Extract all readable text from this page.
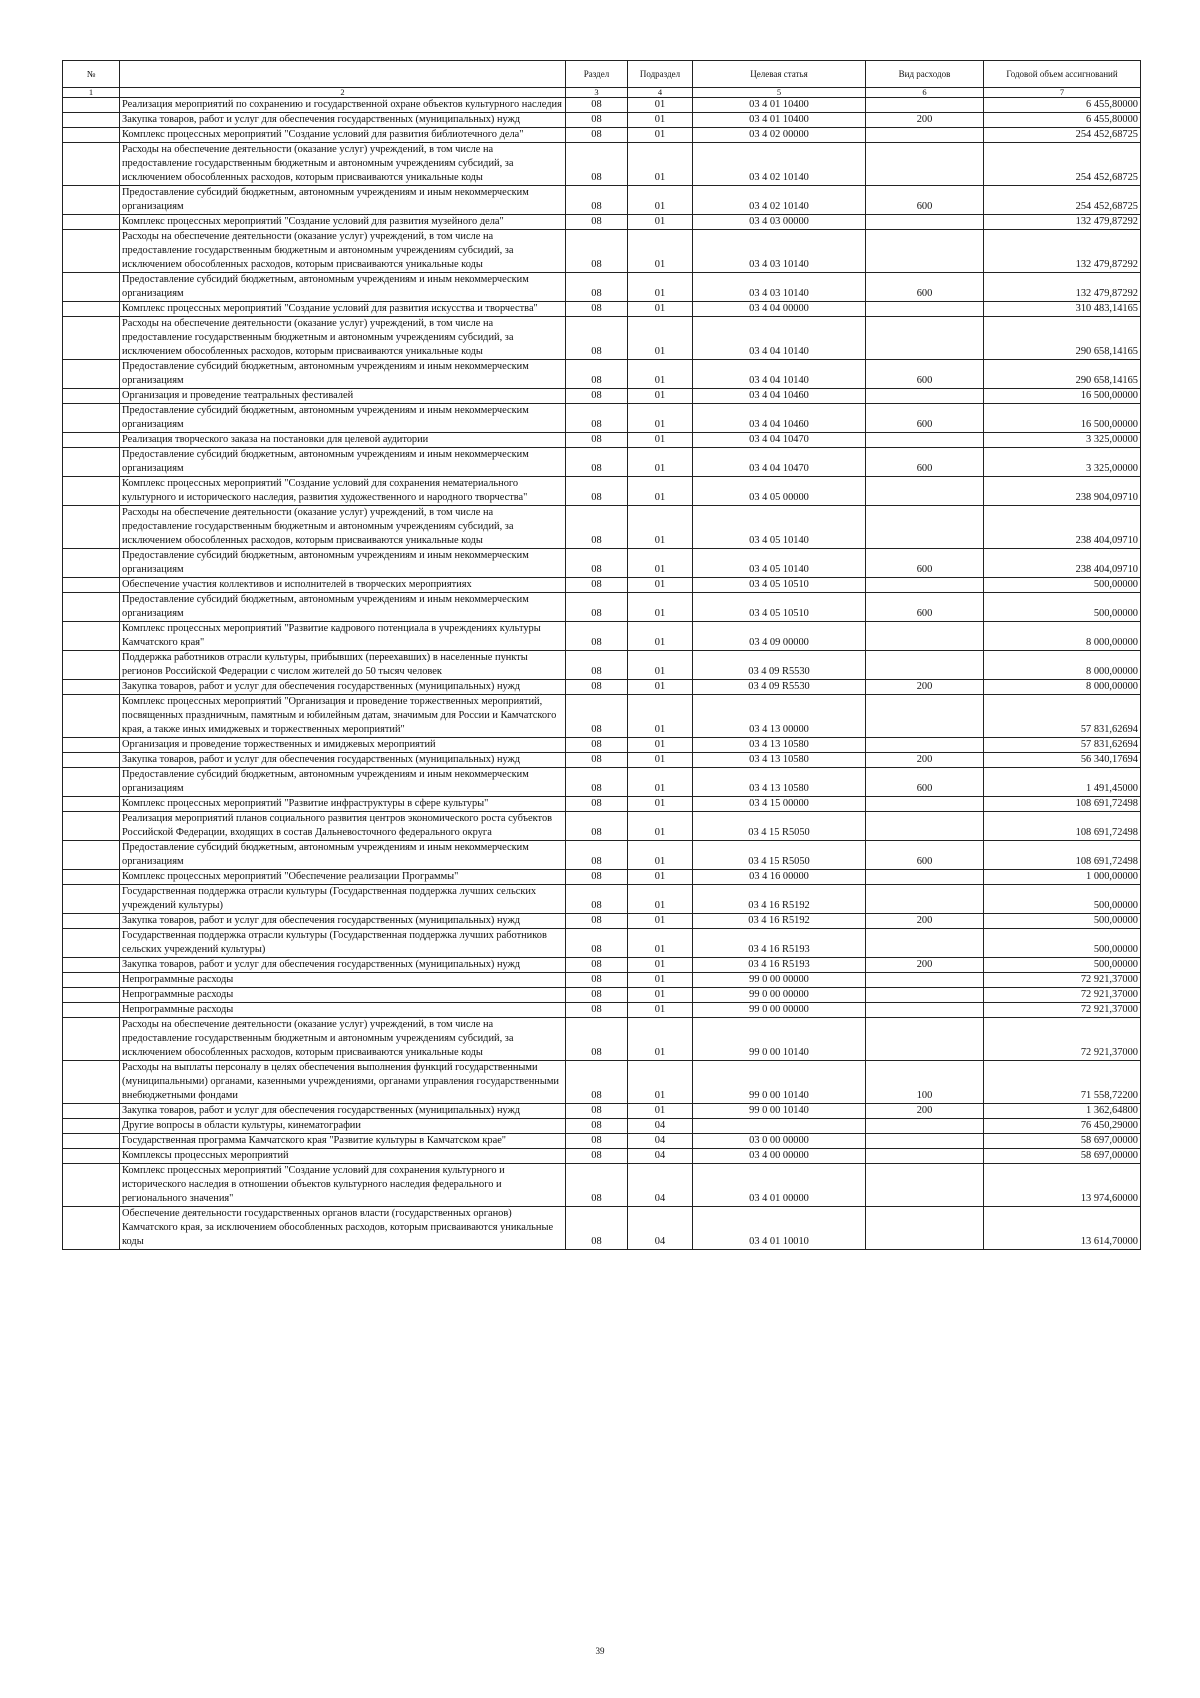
№		Раздел	Подраздел	Целевая статья	Вид расходов	Годовой объем ассигнований
1	2	3	4	5	6	7
	Реализация мероприятий по сохранению и государственной охране объектов культурного наследия	08	01	03 4 01 10400		6 455,80000
	Закупка товаров, работ и услуг для обеспечения государственных (муниципальных) нужд	08	01	03 4 01 10400	200	6 455,80000
	Комплекс процессных мероприятий "Создание условий для развития библиотечного дела"	08	01	03 4 02 00000		254 452,68725
	Расходы на обеспечение деятельности (оказание услуг) учреждений, в том числе на предоставление государственным бюджетным и автономным учреждениям субсидий, за исключением обособленных расходов, которым присваиваются уникальные коды	08	01	03 4 02 10140		254 452,68725
	Предоставление субсидий бюджетным, автономным учреждениям и иным некоммерческим организациям	08	01	03 4 02 10140	600	254 452,68725
	Комплекс процессных мероприятий "Создание условий для развития музейного дела"	08	01	03 4 03 00000		132 479,87292
	Расходы на обеспечение деятельности (оказание услуг) учреждений, в том числе на предоставление государственным бюджетным и автономным учреждениям субсидий, за исключением обособленных расходов, которым присваиваются уникальные коды	08	01	03 4 03 10140		132 479,87292
	Предоставление субсидий бюджетным, автономным учреждениям и иным некоммерческим организациям	08	01	03 4 03 10140	600	132 479,87292
	Комплекс процессных мероприятий "Создание условий для развития искусства и творчества"	08	01	03 4 04 00000		310 483,14165
	Расходы на обеспечение деятельности (оказание услуг) учреждений, в том числе на предоставление государственным бюджетным и автономным учреждениям субсидий, за исключением обособленных расходов, которым присваиваются уникальные коды	08	01	03 4 04 10140		290 658,14165
	Предоставление субсидий бюджетным, автономным учреждениям и иным некоммерческим организациям	08	01	03 4 04 10140	600	290 658,14165
	Организация и проведение театральных фестивалей	08	01	03 4 04 10460		16 500,00000
	Предоставление субсидий бюджетным, автономным учреждениям и иным некоммерческим организациям	08	01	03 4 04 10460	600	16 500,00000
	Реализация творческого заказа на постановки для целевой аудитории	08	01	03 4 04 10470		3 325,00000
	Предоставление субсидий бюджетным, автономным учреждениям и иным некоммерческим организациям	08	01	03 4 04 10470	600	3 325,00000
	Комплекс процессных мероприятий "Создание условий для сохранения нематериального культурного и исторического наследия, развития художественного и народного творчества"	08	01	03 4 05 00000		238 904,09710
	Расходы на обеспечение деятельности (оказание услуг) учреждений, в том числе на предоставление государственным бюджетным и автономным учреждениям субсидий, за исключением обособленных расходов, которым присваиваются уникальные коды	08	01	03 4 05 10140		238 404,09710
	Предоставление субсидий бюджетным, автономным учреждениям и иным некоммерческим организациям	08	01	03 4 05 10140	600	238 404,09710
	Обеспечение участия коллективов и исполнителей в творческих мероприятиях	08	01	03 4 05 10510		500,00000
	Предоставление субсидий бюджетным, автономным учреждениям и иным некоммерческим организациям	08	01	03 4 05 10510	600	500,00000
	Комплекс процессных мероприятий "Развитие кадрового потенциала в учреждениях культуры Камчатского края"	08	01	03 4 09 00000		8 000,00000
	Поддержка работников отрасли культуры, прибывших (переехавших) в населенные пункты регионов Российской Федерации с числом жителей до 50 тысяч человек	08	01	03 4 09 R5530		8 000,00000
	Закупка товаров, работ и услуг для обеспечения государственных (муниципальных) нужд	08	01	03 4 09 R5530	200	8 000,00000
	Комплекс процессных мероприятий "Организация и проведение торжественных мероприятий, посвященных праздничным, памятным и юбилейным датам, значимым для России и Камчатского края, а также иных имиджевых и торжественных мероприятий"	08	01	03 4 13 00000		57 831,62694
	Организация и проведение торжественных и имиджевых мероприятий	08	01	03 4 13 10580		57 831,62694
	Закупка товаров, работ и услуг для обеспечения государственных (муниципальных) нужд	08	01	03 4 13 10580	200	56 340,17694
	Предоставление субсидий бюджетным, автономным учреждениям и иным некоммерческим организациям	08	01	03 4 13 10580	600	1 491,45000
	Комплекс процессных мероприятий "Развитие инфраструктуры в сфере культуры"	08	01	03 4 15 00000		108 691,72498
	Реализация мероприятий планов социального развития центров экономического роста субъектов Российской Федерации, входящих в состав Дальневосточного федерального округа	08	01	03 4 15 R5050		108 691,72498
	Предоставление субсидий бюджетным, автономным учреждениям и иным некоммерческим организациям	08	01	03 4 15 R5050	600	108 691,72498
	Комплекс процессных мероприятий "Обеспечение реализации Программы"	08	01	03 4 16 00000		1 000,00000
	Государственная поддержка отрасли культуры (Государственная поддержка лучших сельских учреждений культуры)	08	01	03 4 16 R5192		500,00000
	Закупка товаров, работ и услуг для обеспечения государственных (муниципальных) нужд	08	01	03 4 16 R5192	200	500,00000
	Государственная поддержка отрасли культуры (Государственная поддержка лучших работников сельских учреждений культуры)	08	01	03 4 16 R5193		500,00000
	Закупка товаров, работ и услуг для обеспечения государственных (муниципальных) нужд	08	01	03 4 16 R5193	200	500,00000
	Непрограммные расходы	08	01	99 0 00 00000		72 921,37000
	Непрограммные расходы	08	01	99 0 00 00000		72 921,37000
	Непрограммные расходы	08	01	99 0 00 00000		72 921,37000
	Расходы на обеспечение деятельности (оказание услуг) учреждений, в том числе на предоставление государственным бюджетным и автономным учреждениям субсидий, за исключением обособленных расходов, которым присваиваются уникальные коды	08	01	99 0 00 10140		72 921,37000
	Расходы на выплаты персоналу в целях обеспечения выполнения функций государственными (муниципальными) органами, казенными учреждениями, органами управления государственными внебюджетными фондами	08	01	99 0 00 10140	100	71 558,72200
	Закупка товаров, работ и услуг для обеспечения государственных (муниципальных) нужд	08	01	99 0 00 10140	200	1 362,64800
	Другие вопросы в области культуры, кинематографии	08	04			76 450,29000
	Государственная программа Камчатского края "Развитие культуры в Камчатском крае"	08	04	03 0 00 00000		58 697,00000
	Комплексы процессных мероприятий	08	04	03 4 00 00000		58 697,00000
	Комплекс процессных мероприятий "Создание условий для сохранения культурного и исторического наследия в отношении объектов культурного наследия федерального и регионального значения"	08	04	03 4 01 00000		13 974,60000
	Обеспечение деятельности государственных органов власти (государственных органов) Камчатского края, за исключением обособленных расходов, которым присваиваются уникальные коды	08	04	03 4 01 10010		13 614,70000
39
